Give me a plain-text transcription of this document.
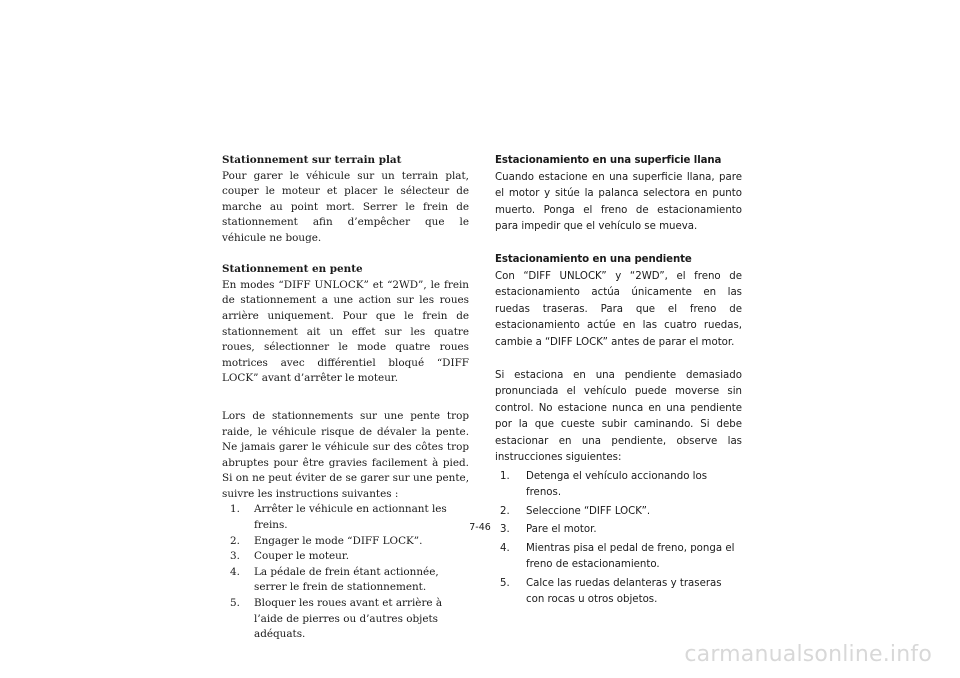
Stationnement sur terrain plat

Pour garer le véhicule sur un terrain plat, couper le moteur et placer le sélecteur de marche au point mort. Serrer le frein de stationnement afin d’empêcher que le véhicule ne bouge.

Stationnement en pente

En modes “DIFF UNLOCK” et “2WD”, le frein de stationnement a une action sur les roues arrière uniquement. Pour que le frein de stationnement ait un effet sur les quatre roues, sélectionner le mode quatre roues motrices avec différentiel bloqué “DIFF LOCK” avant d’arrêter le moteur.

Lors de stationnements sur une pente trop raide, le véhicule risque de dévaler la pente. Ne jamais garer le véhicule sur des côtes trop abruptes pour être gravies facilement à pied. Si on ne peut éviter de se garer sur une pente, suivre les instructions suivantes :

1. Arrêter le véhicule en actionnant les freins.
2. Engager le mode “DIFF LOCK”.
3. Couper le moteur.
4. La pédale de frein étant actionnée, serrer le frein de stationnement.
5. Bloquer les roues avant et arrière à l’aide de pierres ou d’autres objets adéquats.
Estacionamiento en una superficie llana

Cuando estacione en una superficie llana, pare el motor y sitúe la palanca selectora en punto muerto. Ponga el freno de estacionamiento para impedir que el vehículo se mueva.

Estacionamiento en una pendiente

Con “DIFF UNLOCK” y “2WD”, el freno de estacionamiento actúa únicamente en las ruedas traseras. Para que el freno de estacionamiento actúe en las cuatro ruedas, cambie a “DIFF LOCK” antes de parar el motor.

Si estaciona en una pendiente demasiado pronunciada el vehículo puede moverse sin control. No estacione nunca en una pendiente por la que cueste subir caminando. Si debe estacionar en una pendiente, observe las instrucciones siguientes:

1. Detenga el vehículo accionando los frenos.
2. Seleccione “DIFF LOCK”.
3. Pare el motor.
4. Mientras pisa el pedal de freno, ponga el freno de estacionamiento.
5. Calce las ruedas delanteras y traseras con rocas u otros objetos.
7-46
carmanualsonline.info
